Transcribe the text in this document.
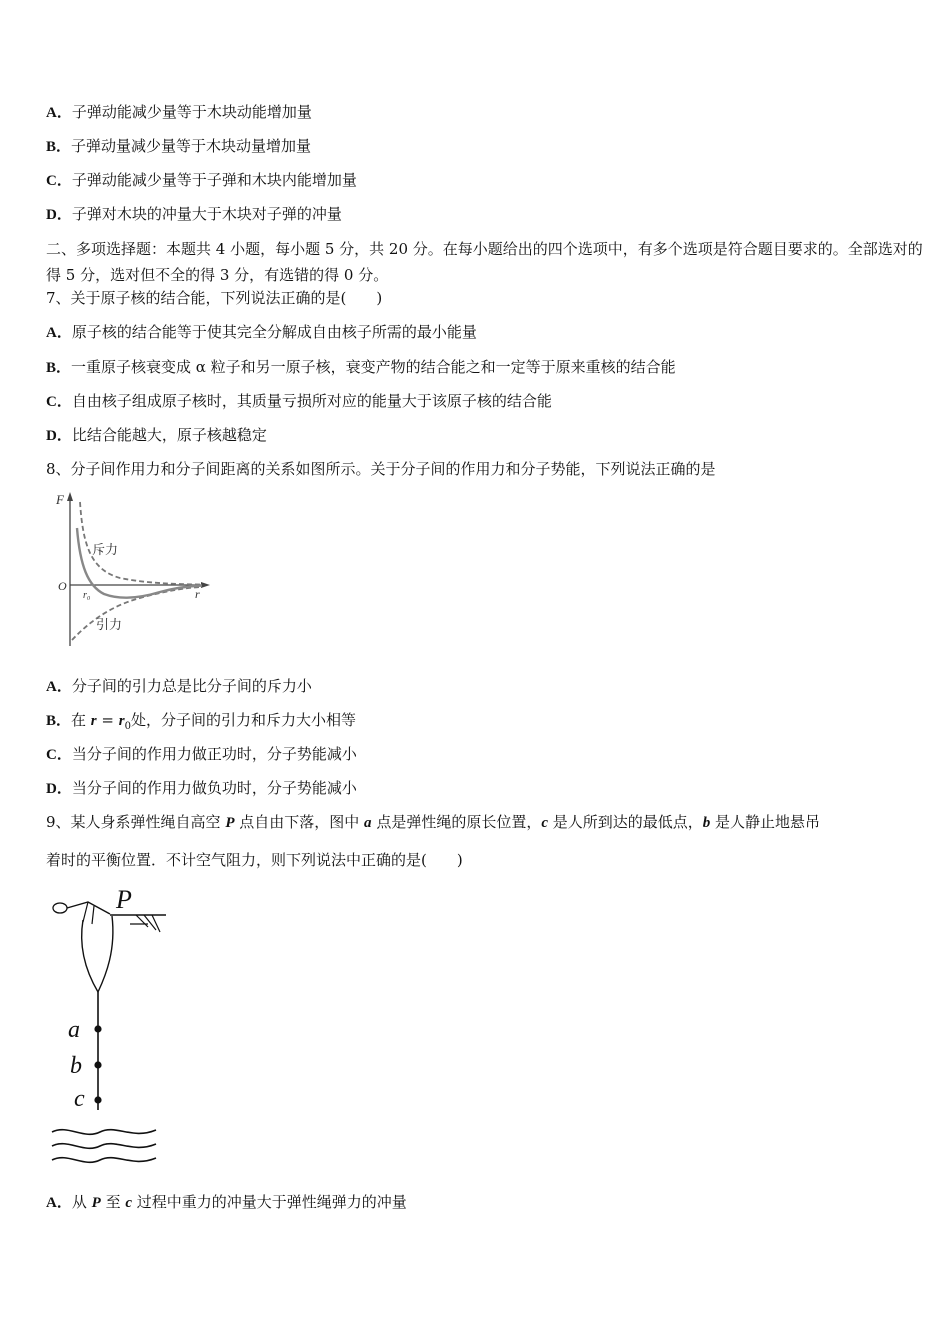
A．子弹动能减少量等于木块动能增加量
B．子弹动量减少量等于木块动量增加量
C．子弹动能减少量等于子弹和木块内能增加量
D．子弹对木块的冲量大于木块对子弹的冲量
二、多项选择题：本题共 4 小题，每小题 5 分，共 20 分。在每小题给出的四个选项中，有多个选项是符合题目要求的。全部选对的得 5 分，选对但不全的得 3 分，有选错的得 0 分。
7、关于原子核的结合能，下列说法正确的是(　　)
A．原子核的结合能等于使其完全分解成自由核子所需的最小能量
B．一重原子核衰变成 α 粒子和另一原子核，衰变产物的结合能之和一定等于原来重核的结合能
C．自由核子组成原子核时，其质量亏损所对应的能量大于该原子核的结合能
D．比结合能越大，原子核越稳定
8、分子间作用力和分子间距离的关系如图所示。关于分子间的作用力和分子势能，下列说法正确的是
F
r
O
r₀
斥力
引力
A．分子间的引力总是比分子间的斥力小
B．在 $r = r_0$处，分子间的引力和斥力大小相等
C．当分子间的作用力做正功时，分子势能减小
D．当分子间的作用力做负功时，分子势能减小
9、某人身系弹性绳自高空 P 点自由下落，图中 a 点是弹性绳的原长位置，c 是人所到达的最低点，b 是人静止地悬吊
着时的平衡位置．不计空气阻力，则下列说法中正确的是(　　)
P
a
b
c
A．从 P 至 c 过程中重力的冲量大于弹性绳弹力的冲量
